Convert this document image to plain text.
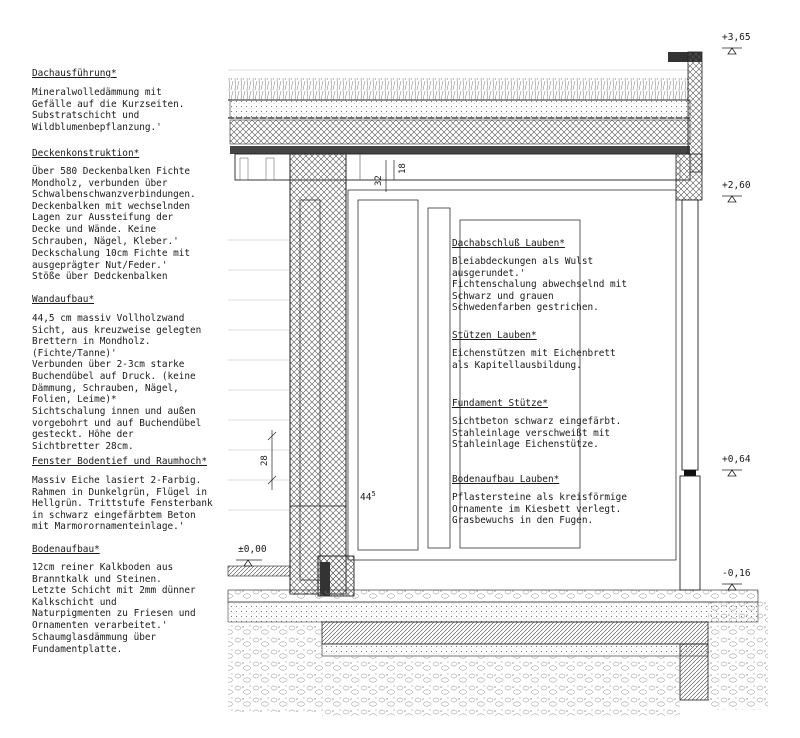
Dachausführung*
Mineralwolledämmung mit
Gefälle auf die Kurzseiten.
Substratschicht und
Wildblumenbepflanzung.'
Deckenkonstruktion*
Über 580 Deckenbalken Fichte
Mondholz, verbunden über
Schwalbenschwanzverbindungen.
Deckenbalken mit wechselnden
Lagen zur Aussteifung der
Decke und Wände. Keine
Schrauben, Nägel, Kleber.'
Deckschalung 10cm Fichte mit
ausgeprägter Nut/Feder.'
Stöße über Dedckenbalken
Wandaufbau*
44,5 cm massiv Vollholzwand
Sicht, aus kreuzweise gelegten
Brettern in Mondholz.
(Fichte/Tanne)'
Verbunden über 2-3cm starke
Buchendübel auf Druck. (keine
Dämmung, Schrauben, Nägel,
Folien, Leime)*
Sichtschalung innen und außen
vorgebohrt und auf Buchendübel
gesteckt. Höhe der
Sichtbretter 28cm.
Fenster Bodentief und Raumhoch*
Massiv Eiche lasiert 2-Farbig.
Rahmen in Dunkelgrün, Flügel in
Hellgrün. Trittstufe Fensterbank
in schwarz eingefärbtem Beton
mit Marmorornamenteinlage.'
Bodenaufbau*
12cm reiner Kalkboden aus
Branntkalk und Steinen.
Letzte Schicht mit 2mm dünner
Kalkschicht und
Naturpigmenten zu Friesen und
Ornamenten verarbeitet.'
Schaumglasdämmung über
Fundamentplatte.
Dachabschluß Lauben*
Bleiabdeckungen als Wulst
ausgerundet.'
Fichtenschalung abwechselnd mit
Schwarz und grauen
Schwedenfarben gestrichen.
Stützen Lauben*
Eichenstützen mit Eichenbrett
als Kapitellausbildung.
Fundament Stütze*
Sichtbeton schwarz eingefärbt.
Stahleinlage verschweißt mit
Stahleinlage Eichenstütze.
Bodenaufbau Lauben*
Pflastersteine als kreisförmige
Ornamente im Kiesbett verlegt.
Grasbewuchs in den Fugen.
+3,65
+2,60
+0,64
±0,00
-0,16
32
18
28
$44^5$
